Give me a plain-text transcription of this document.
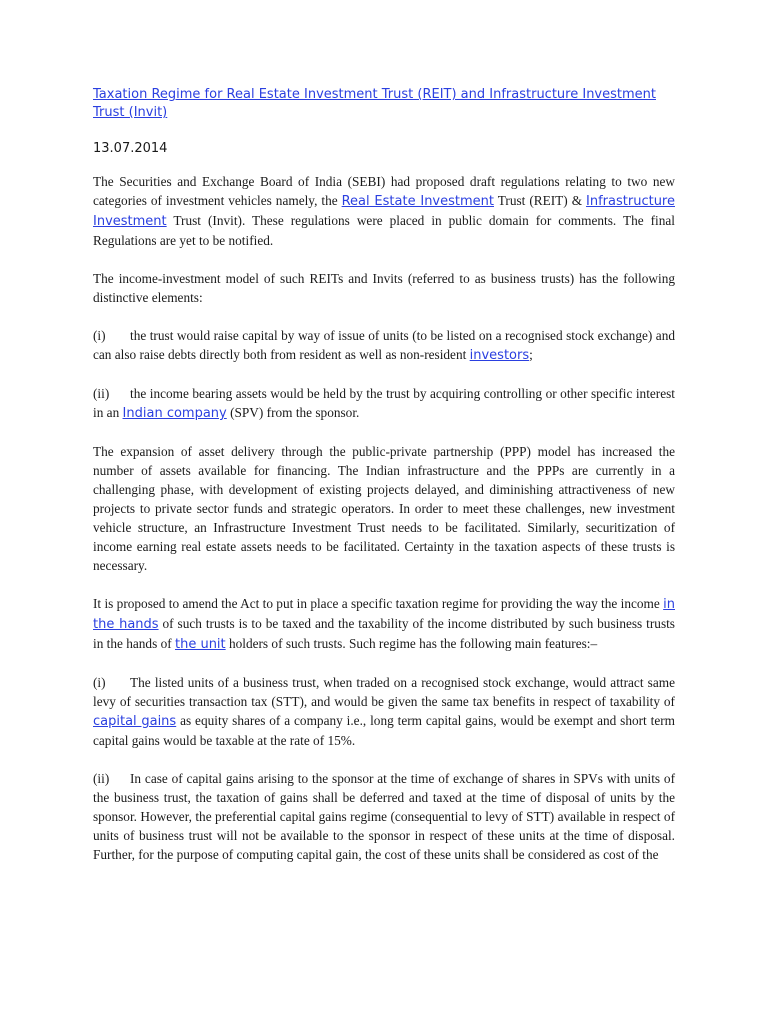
Taxation Regime for Real Estate Investment Trust (REIT) and Infrastructure Investment Trust (Invit)

13.07.2014

The Securities and Exchange Board of India (SEBI) had proposed draft regulations relating to two new categories of investment vehicles namely, the Real Estate Investment Trust (REIT) & Infrastructure Investment Trust (Invit). These regulations were placed in public domain for comments. The final Regulations are yet to be notified.

The income-investment model of such REITs and Invits (referred to as business trusts) has the following distinctive elements:

(i) the trust would raise capital by way of issue of units (to be listed on a recognised stock exchange) and can also raise debts directly both from resident as well as non-resident investors;

(ii) the income bearing assets would be held by the trust by acquiring controlling or other specific interest in an Indian company (SPV) from the sponsor.

The expansion of asset delivery through the public-private partnership (PPP) model has increased the number of assets available for financing. The Indian infrastructure and the PPPs are currently in a challenging phase, with development of existing projects delayed, and diminishing attractiveness of new projects to private sector funds and strategic operators. In order to meet these challenges, new investment vehicle structure, an Infrastructure Investment Trust needs to be facilitated. Similarly, securitization of income earning real estate assets needs to be facilitated. Certainty in the taxation aspects of these trusts is necessary.

It is proposed to amend the Act to put in place a specific taxation regime for providing the way the income in the hands of such trusts is to be taxed and the taxability of the income distributed by such business trusts in the hands of the unit holders of such trusts. Such regime has the following main features:–

(i) The listed units of a business trust, when traded on a recognised stock exchange, would attract same levy of securities transaction tax (STT), and would be given the same tax benefits in respect of taxability of capital gains as equity shares of a company i.e., long term capital gains, would be exempt and short term capital gains would be taxable at the rate of 15%.

(ii) In case of capital gains arising to the sponsor at the time of exchange of shares in SPVs with units of the business trust, the taxation of gains shall be deferred and taxed at the time of disposal of units by the sponsor. However, the preferential capital gains regime (consequential to levy of STT) available in respect of units of business trust will not be available to the sponsor in respect of these units at the time of disposal. Further, for the purpose of computing capital gain, the cost of these units shall be considered as cost of the
